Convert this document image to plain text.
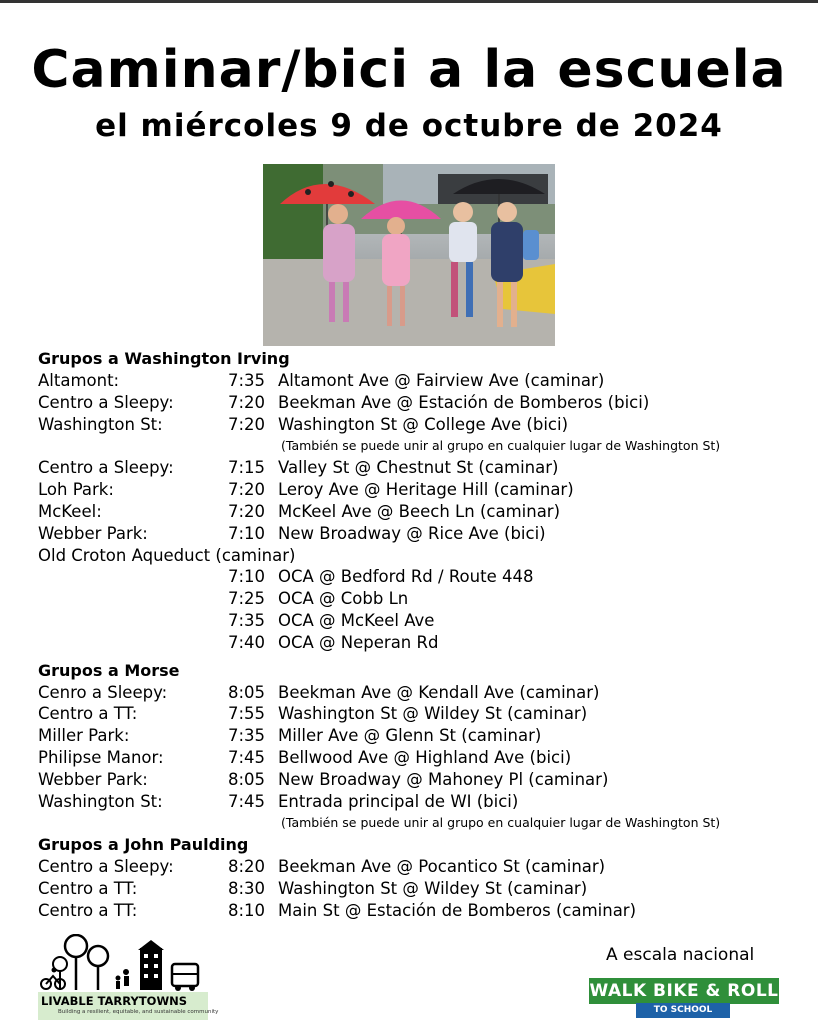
Caminar/bici a la escuela
el miércoles 9 de octubre de 2024
Grupos a Washington Irving
Altamont:	7:35 Altamont Ave @ Fairview Ave (caminar)
Centro a Sleepy:	7:20 Beekman Ave @ Estación de Bomberos (bici)
Washington St:	7:20 Washington St @ College Ave (bici)
(También se puede unir al grupo en cualquier lugar de Washington St)
Centro a Sleepy:	7:15 Valley St @ Chestnut St (caminar)
Loh Park:	7:20 Leroy Ave @ Heritage Hill (caminar)
McKeel:	7:20 McKeel Ave @ Beech Ln (caminar)
Webber Park:	7:10 New Broadway @ Rice Ave (bici)
Old Croton Aqueduct (caminar)
7:10 OCA @ Bedford Rd / Route 448
7:25 OCA @ Cobb Ln
7:35 OCA @ McKeel Ave
7:40 OCA @ Neperan Rd
Grupos a Morse
Cenro a Sleepy:	8:05 Beekman Ave @ Kendall Ave (caminar)
Centro a TT:	7:55 Washington St @ Wildey St (caminar)
Miller Park:	7:35 Miller Ave @ Glenn St (caminar)
Philipse Manor:	7:45 Bellwood Ave @ Highland Ave (bici)
Webber Park:	8:05 New Broadway @ Mahoney Pl (caminar)
Washington St:	7:45 Entrada principal de WI (bici)
(También se puede unir al grupo en cualquier lugar de Washington St)
Grupos a John Paulding
Centro a Sleepy:	8:20 Beekman Ave @ Pocantico St (caminar)
Centro a TT:	8:30 Washington St @ Wildey St (caminar)
Centro a TT:	8:10 Main St @ Estación de Bomberos (caminar)
LIVABLE TARRYTOWNS
Building a resilient, equitable, and sustainable community
A escala nacional
WALK BIKE & ROLL
TO SCHOOL
